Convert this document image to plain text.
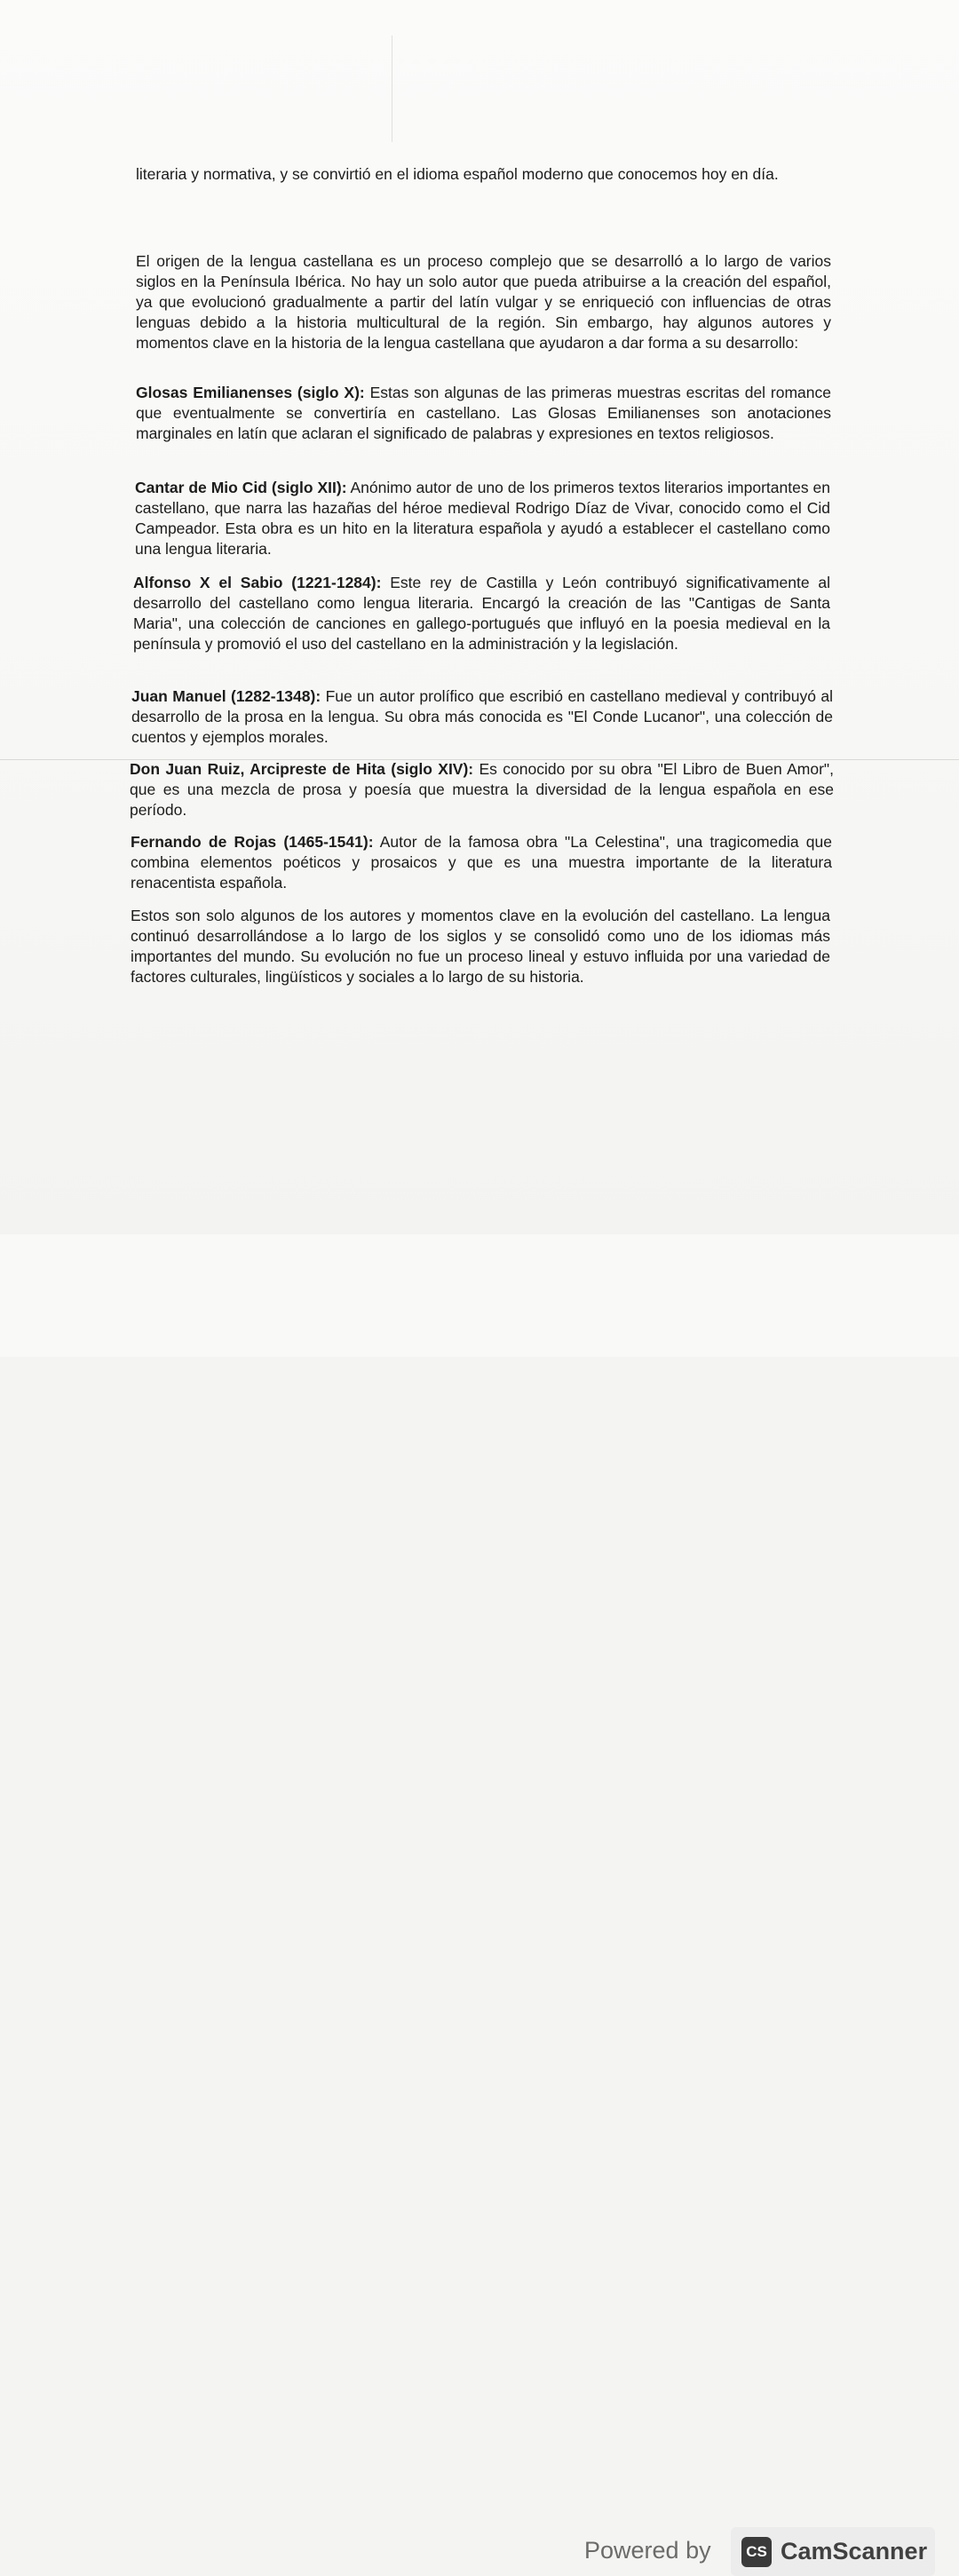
literaria y normativa, y se convirtió en el idioma español moderno que conocemos hoy en día.

El origen de la lengua castellana es un proceso complejo que se desarrolló a lo largo de varios siglos en la Península Ibérica. No hay un solo autor que pueda atribuirse a la creación del español, ya que evolucionó gradualmente a partir del latín vulgar y se enriqueció con influencias de otras lenguas debido a la historia multicultural de la región. Sin embargo, hay algunos autores y momentos clave en la historia de la lengua castellana que ayudaron a dar forma a su desarrollo:

Glosas Emilianenses (siglo X): Estas son algunas de las primeras muestras escritas del romance que eventualmente se convertiría en castellano. Las Glosas Emilianenses son anotaciones marginales en latín que aclaran el significado de palabras y expresiones en textos religiosos.

Cantar de Mio Cid (siglo XII): Anónimo autor de uno de los primeros textos literarios importantes en castellano, que narra las hazañas del héroe medieval Rodrigo Díaz de Vivar, conocido como el Cid Campeador. Esta obra es un hito en la literatura española y ayudó a establecer el castellano como una lengua literaria.

Alfonso X el Sabio (1221-1284): Este rey de Castilla y León contribuyó significativamente al desarrollo del castellano como lengua literaria. Encargó la creación de las "Cantigas de Santa Maria", una colección de canciones en gallego-portugués que influyó en la poesia medieval en la península y promovió el uso del castellano en la administración y la legislación.

Juan Manuel (1282-1348): Fue un autor prolífico que escribió en castellano medieval y contribuyó al desarrollo de la prosa en la lengua. Su obra más conocida es "El Conde Lucanor", una colección de cuentos y ejemplos morales.

Don Juan Ruiz, Arcipreste de Hita (siglo XIV): Es conocido por su obra "El Libro de Buen Amor", que es una mezcla de prosa y poesía que muestra la diversidad de la lengua española en ese período.

Fernando de Rojas (1465-1541): Autor de la famosa obra "La Celestina", una tragicomedia que combina elementos poéticos y prosaicos y que es una muestra importante de la literatura renacentista española.

Estos son solo algunos de los autores y momentos clave en la evolución del castellano. La lengua continuó desarrollándose a lo largo de los siglos y se consolidó como uno de los idiomas más importantes del mundo. Su evolución no fue un proceso lineal y estuvo influida por una variedad de factores culturales, lingüísticos y sociales a lo largo de su historia.

Powered by	CS CamScanner
